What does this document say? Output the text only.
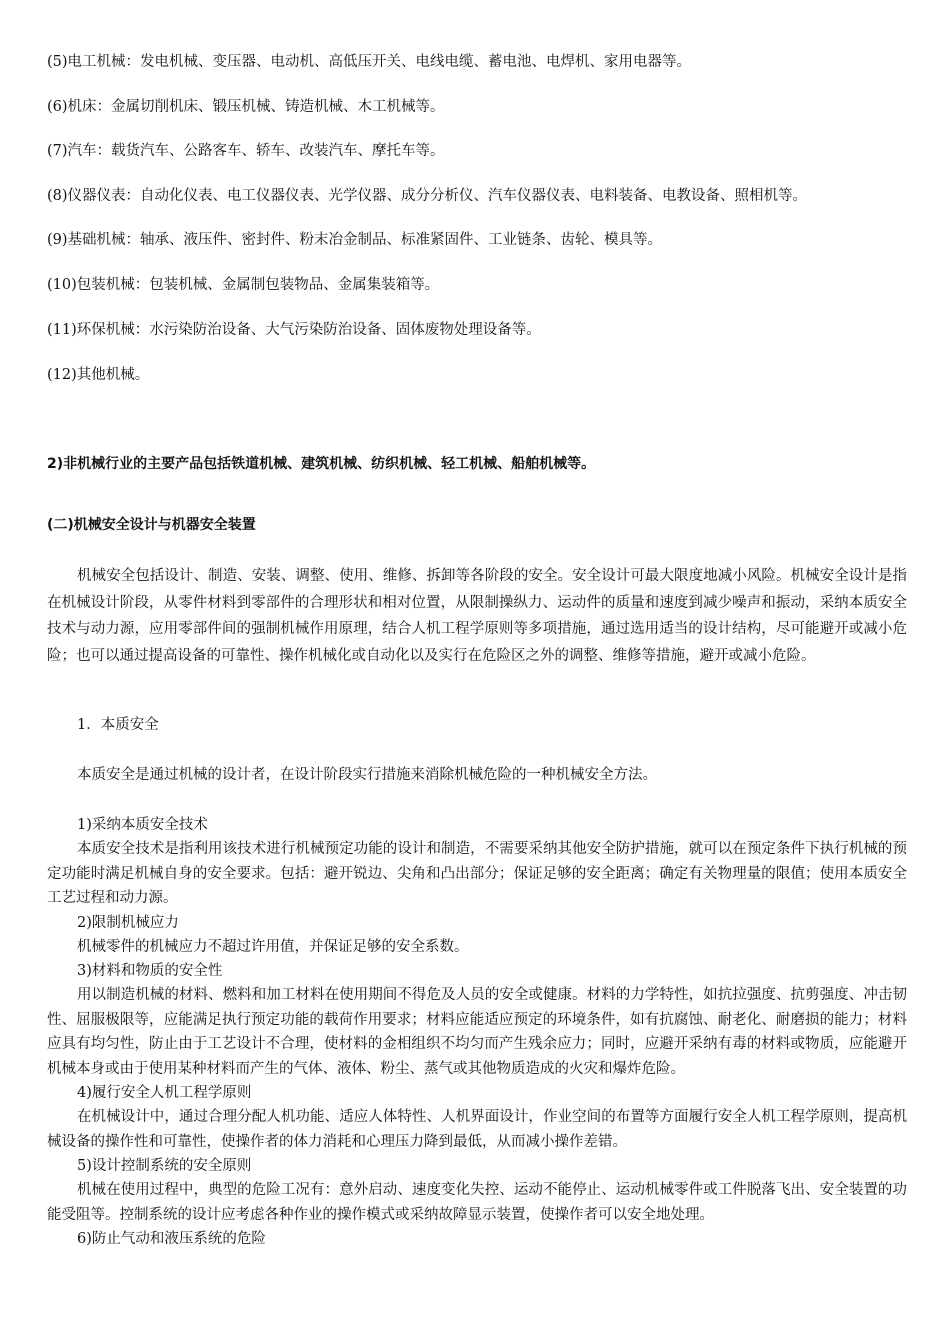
(5)电工机械：发电机械、变压器、电动机、高低压开关、电线电缆、蓄电池、电焊机、家用电器等。

(6)机床：金属切削机床、锻压机械、铸造机械、木工机械等。

(7)汽车：载货汽车、公路客车、轿车、改装汽车、摩托车等。

(8)仪器仪表：自动化仪表、电工仪器仪表、光学仪器、成分分析仪、汽车仪器仪表、电料装备、电教设备、照相机等。

(9)基础机械：轴承、液压件、密封件、粉末冶金制品、标准紧固件、工业链条、齿轮、模具等。

(10)包装机械：包装机械、金属制包装物品、金属集装箱等。

(11)环保机械：水污染防治设备、大气污染防治设备、固体废物处理设备等。

(12)其他机械。

2)非机械行业的主要产品包括铁道机械、建筑机械、纺织机械、轻工机械、船舶机械等。

(二)机械安全设计与机器安全装置

机械安全包括设计、制造、安装、调整、使用、维修、拆卸等各阶段的安全。安全设计可最大限度地减小风险。机械安全设计是指在机械设计阶段，从零件材料到零部件的合理形状和相对位置，从限制操纵力、运动件的质量和速度到减少噪声和振动，采纳本质安全技术与动力源，应用零部件间的强制机械作用原理，结合人机工程学原则等多项措施，通过选用适当的设计结构，尽可能避开或减小危险；也可以通过提高设备的可靠性、操作机械化或自动化以及实行在危险区之外的调整、维修等措施，避开或减小危险。

1．本质安全

本质安全是通过机械的设计者，在设计阶段实行措施来消除机械危险的一种机械安全方法。

1)采纳本质安全技术

本质安全技术是指利用该技术进行机械预定功能的设计和制造，不需要采纳其他安全防护措施，就可以在预定条件下执行机械的预定功能时满足机械自身的安全要求。包括：避开锐边、尖角和凸出部分；保证足够的安全距离；确定有关物理量的限值；使用本质安全工艺过程和动力源。

2)限制机械应力

机械零件的机械应力不超过许用值，并保证足够的安全系数。

3)材料和物质的安全性

用以制造机械的材料、燃料和加工材料在使用期间不得危及人员的安全或健康。材料的力学特性，如抗拉强度、抗剪强度、冲击韧性、屈服极限等，应能满足执行预定功能的载荷作用要求；材料应能适应预定的环境条件，如有抗腐蚀、耐老化、耐磨损的能力；材料应具有均匀性，防止由于工艺设计不合理，使材料的金相组织不均匀而产生残余应力；同时，应避开采纳有毒的材料或物质，应能避开机械本身或由于使用某种材料而产生的气体、液体、粉尘、蒸气或其他物质造成的火灾和爆炸危险。

4)履行安全人机工程学原则

在机械设计中，通过合理分配人机功能、适应人体特性、人机界面设计，作业空间的布置等方面履行安全人机工程学原则，提高机械设备的操作性和可靠性，使操作者的体力消耗和心理压力降到最低，从而减小操作差错。

5)设计控制系统的安全原则

机械在使用过程中，典型的危险工况有：意外启动、速度变化失控、运动不能停止、运动机械零件或工件脱落飞出、安全装置的功能受阻等。控制系统的设计应考虑各种作业的操作模式或采纳故障显示装置，使操作者可以安全地处理。

6)防止气动和液压系统的危险
